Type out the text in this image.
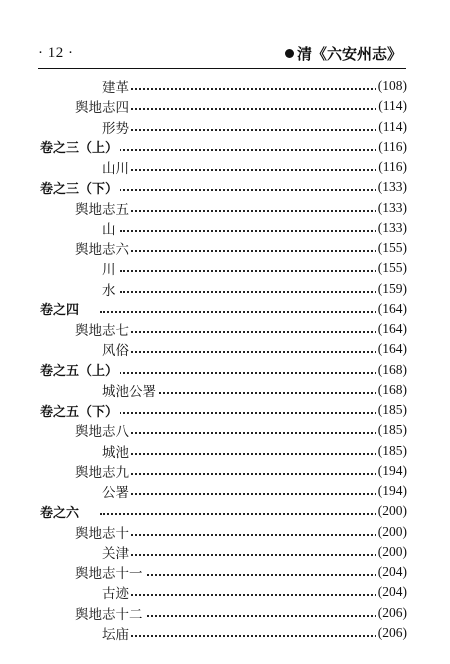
· 12 ·	清《六安州志》
建革	(108)
舆地志四	(114)
形势	(114)
卷之三（上）	(116)
山川	(116)
卷之三（下）	(133)
舆地志五	(133)
山	(133)
舆地志六	(155)
川	(155)
水	(159)
卷之四	(164)
舆地志七	(164)
风俗	(164)
卷之五（上）	(168)
城池公署	(168)
卷之五（下）	(185)
舆地志八	(185)
城池	(185)
舆地志九	(194)
公署	(194)
卷之六	(200)
舆地志十	(200)
关津	(200)
舆地志十一	(204)
古迹	(204)
舆地志十二	(206)
坛庙	(206)
